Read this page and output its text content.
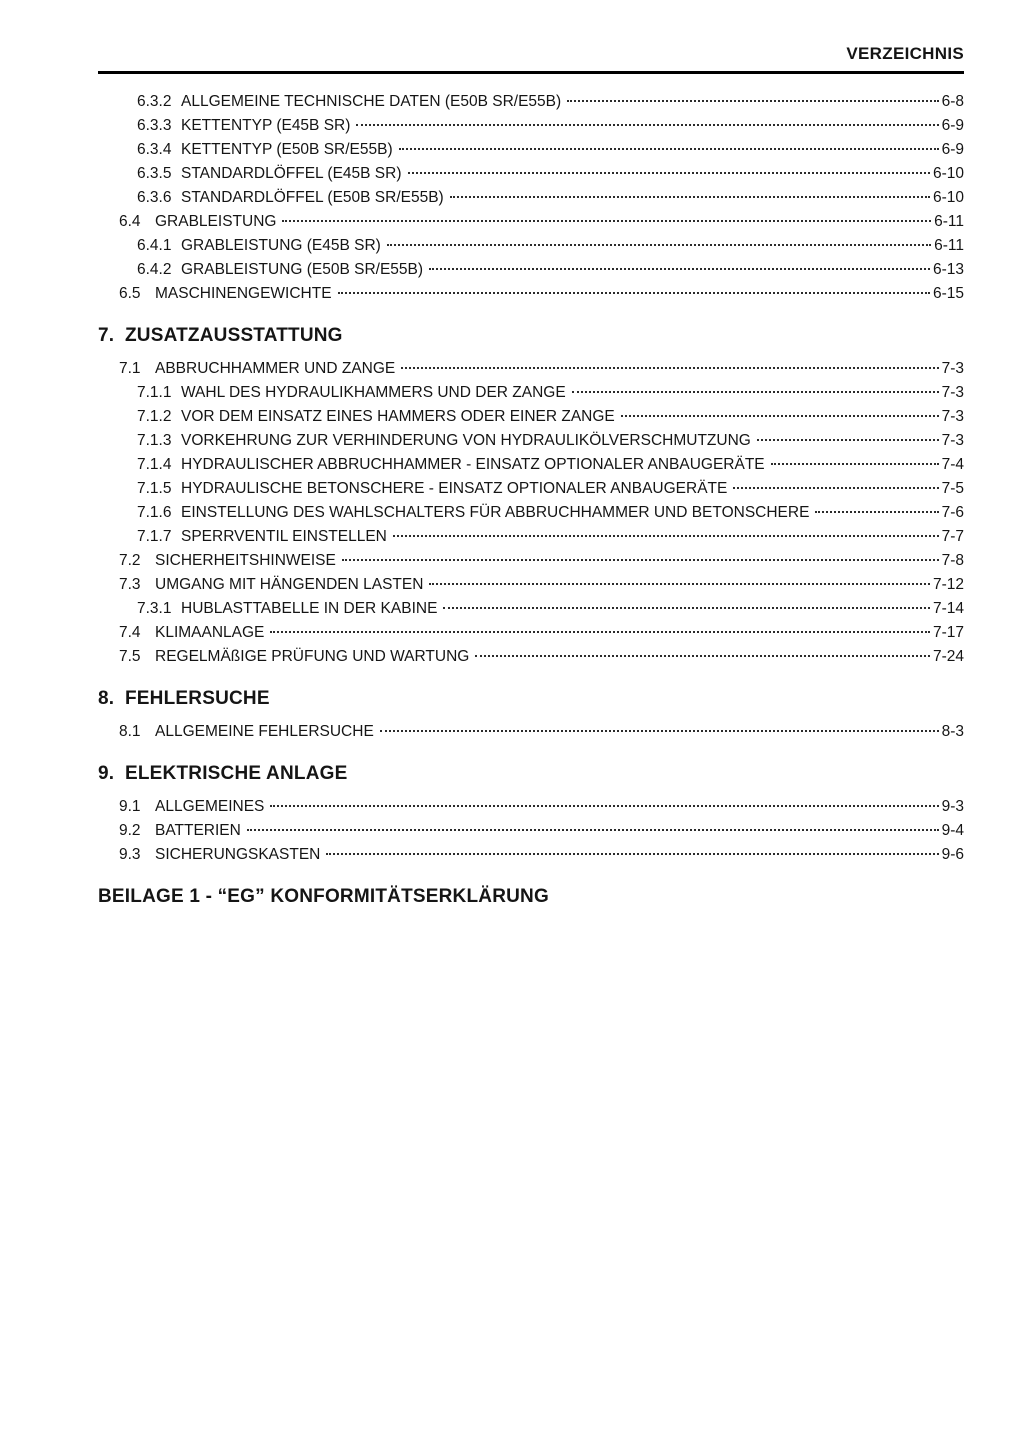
VERZEICHNIS
6.3.2 ALLGEMEINE TECHNISCHE DATEN (E50B SR/E55B)	6-8
6.3.3 KETTENTYP (E45B SR)	6-9
6.3.4 KETTENTYP (E50B SR/E55B)	6-9
6.3.5 STANDARDLÖFFEL (E45B SR)	6-10
6.3.6 STANDARDLÖFFEL (E50B SR/E55B)	6-10
6.4 GRABLEISTUNG	6-11
6.4.1 GRABLEISTUNG (E45B SR)	6-11
6.4.2 GRABLEISTUNG (E50B SR/E55B)	6-13
6.5 MASCHINENGEWICHTE	6-15
7. ZUSATZAUSSTATTUNG
7.1 ABBRUCHHAMMER UND ZANGE	7-3
7.1.1 WAHL DES HYDRAULIKHAMMERS UND DER ZANGE	7-3
7.1.2 VOR DEM EINSATZ EINES HAMMERS ODER EINER ZANGE	7-3
7.1.3 VORKEHRUNG ZUR VERHINDERUNG VON HYDRAULIKÖLVERSCHMUTZUNG	7-3
7.1.4 HYDRAULISCHER ABBRUCHHAMMER - EINSATZ OPTIONALER ANBAUGERÄTE	7-4
7.1.5 HYDRAULISCHE BETONSCHERE - EINSATZ OPTIONALER ANBAUGERÄTE	7-5
7.1.6 EINSTELLUNG DES WAHLSCHALTERS FÜR ABBRUCHHAMMER UND BETONSCHERE	7-6
7.1.7 SPERRVENTIL EINSTELLEN	7-7
7.2 SICHERHEITSHINWEISE	7-8
7.3 UMGANG MIT HÄNGENDEN LASTEN	7-12
7.3.1 HUBLASTTABELLE IN DER KABINE	7-14
7.4 KLIMAANLAGE	7-17
7.5 REGELMÄßIGE PRÜFUNG UND WARTUNG	7-24
8. FEHLERSUCHE
8.1 ALLGEMEINE FEHLERSUCHE	8-3
9. ELEKTRISCHE ANLAGE
9.1 ALLGEMEINES	9-3
9.2 BATTERIEN	9-4
9.3 SICHERUNGSKASTEN	9-6
BEILAGE 1 - “EG” KONFORMITÄTSERKLÄRUNG
